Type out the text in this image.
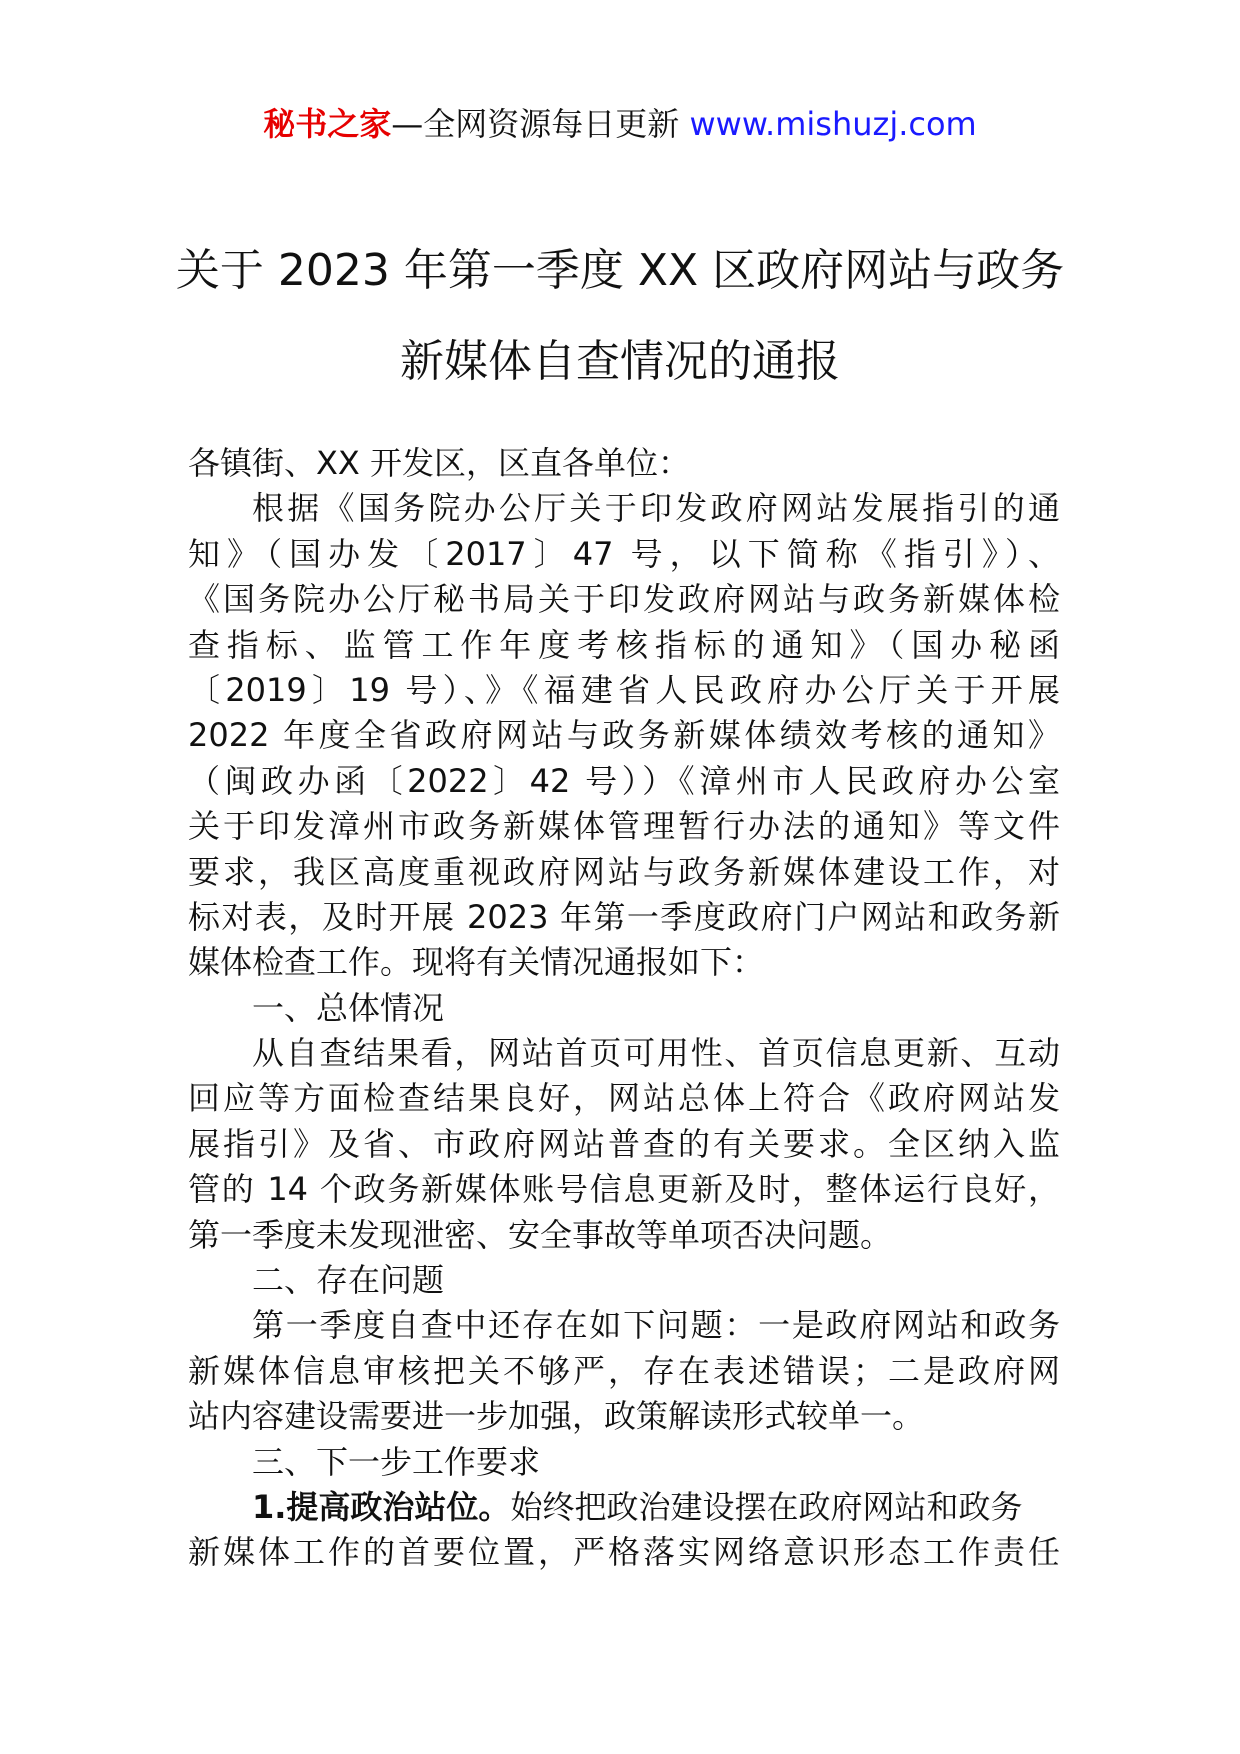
秘书之家—全网资源每日更新 www.mishuzj.com
关于 2023 年第一季度 XX 区政府网站与政务
新媒体自查情况的通报
各镇街、XX 开发区，区直各单位：
根据《国务院办公厅关于印发政府网站发展指引的通
知》（国办发〔2017〕47 号，以下简称《指引》）、
《国务院办公厅秘书局关于印发政府网站与政务新媒体检
查指标、监管工作年度考核指标的通知》（国办秘函
〔2019〕19 号）、》《福建省人民政府办公厅关于开展
2022 年度全省政府网站与政务新媒体绩效考核的通知》
（闽政办函〔2022〕42 号））《漳州市人民政府办公室
关于印发漳州市政务新媒体管理暂行办法的通知》等文件
要求，我区高度重视政府网站与政务新媒体建设工作，对
标对表，及时开展 2023 年第一季度政府门户网站和政务新
媒体检查工作。现将有关情况通报如下：
一、总体情况
从自查结果看，网站首页可用性、首页信息更新、互动
回应等方面检查结果良好，网站总体上符合《政府网站发
展指引》及省、市政府网站普查的有关要求。全区纳入监
管的 14 个政务新媒体账号信息更新及时，整体运行良好，
第一季度未发现泄密、安全事故等单项否决问题。
二、存在问题
第一季度自查中还存在如下问题：一是政府网站和政务
新媒体信息审核把关不够严，存在表述错误；二是政府网
站内容建设需要进一步加强，政策解读形式较单一。
三、下一步工作要求
1.提高政治站位。始终把政治建设摆在政府网站和政务
新媒体工作的首要位置，严格落实网络意识形态工作责任
